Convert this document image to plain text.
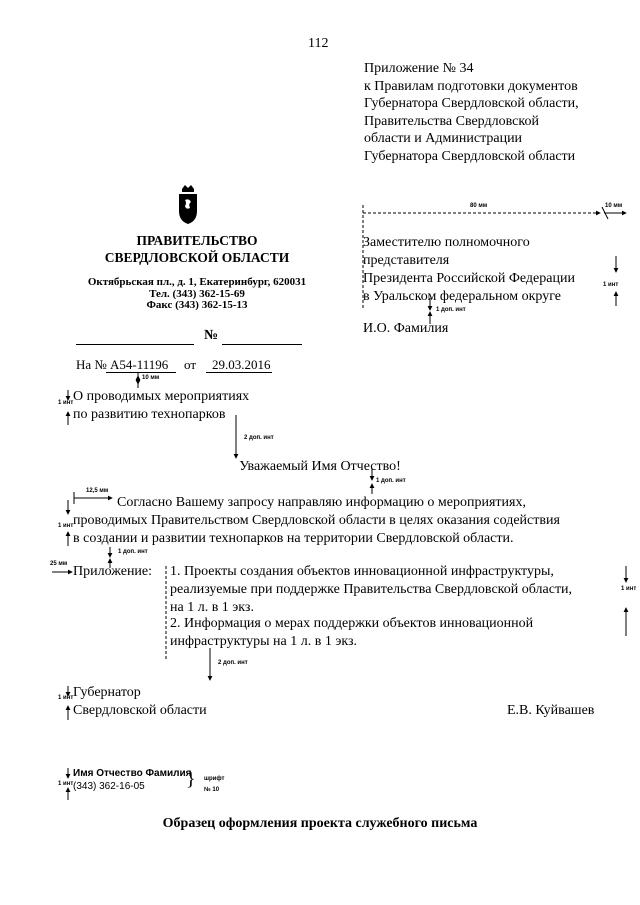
112
Приложение № 34
к Правилам подготовки документов
Губернатора Свердловской области,
Правительства Свердловской
области и Администрации
Губернатора Свердловской области
ПРАВИТЕЛЬСТВО
СВЕРДЛОВСКОЙ ОБЛАСТИ
Октябрьская пл., д. 1, Екатеринбург, 620031
Тел. (343) 362-15-69
Факс (343) 362-15-13
№
На № А54-11196 от 29.03.2016
Заместителю полномочного
представителя
Президента Российской Федерации
в Уральском федеральном округе
И.О. Фамилия
О проводимых мероприятиях
по развитию технопарков
Уважаемый Имя Отчество!
Согласно Вашему запросу направляю информацию о мероприятиях,
проводимых Правительством Свердловской области в целях оказания содействия
в создании и развитии технопарков на территории Свердловской области.
Приложение: 1. Проекты создания объектов инновационной инфраструктуры,
реализуемые при поддержке Правительства Свердловской области,
на 1 л. в 1 экз.
2. Информация о мерах поддержки объектов инновационной
инфраструктуры на 1 л. в 1 экз.
Губернатор
Свердловской области	Е.В. Куйвашев
Имя Отчество Фамилия
(343) 362-16-05 } шрифт
№ 10
Образец оформления проекта служебного письма
80 мм	10 мм
1 инт
1 доп. инт
10 мм
1 инт
2 доп. инт
1 доп. инт
12,5 мм
1 инт
1 доп. инт
25 мм
1 инт
2 доп. инт
1 инт
1 инт
